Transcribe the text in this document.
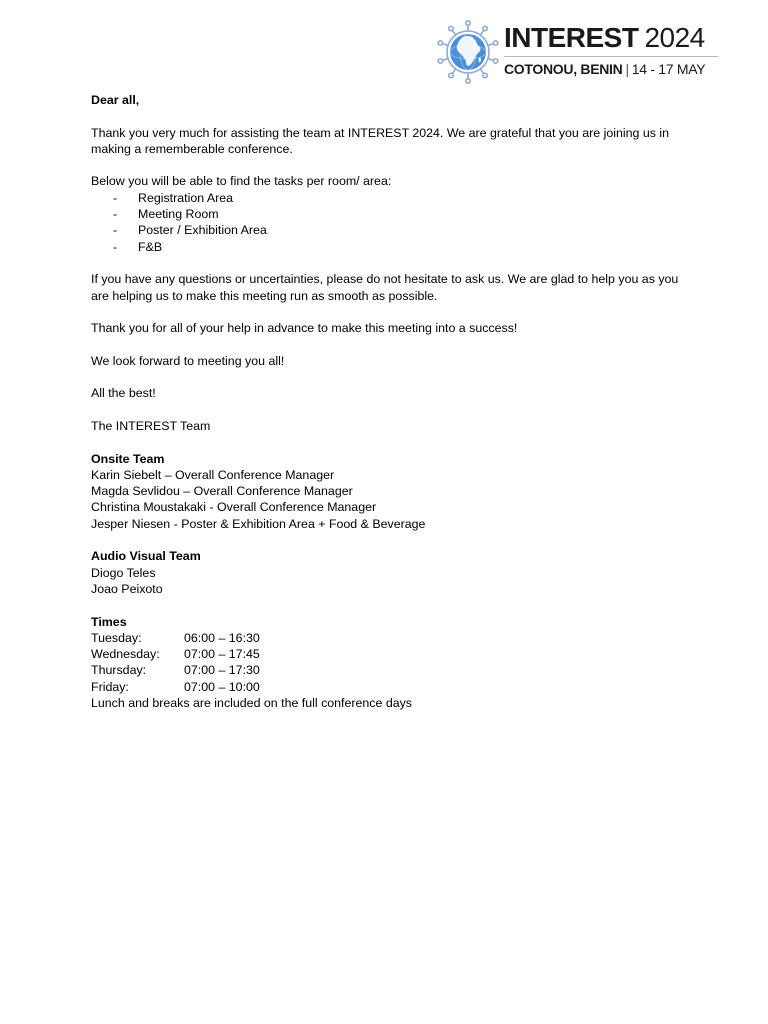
INTEREST 2024
COTONOU, BENIN | 14 - 17 MAY

Dear all,

Thank you very much for assisting the team at INTEREST 2024. We are grateful that you are joining us in making a rememberable conference.

Below you will be able to find the tasks per room/ area:
- Registration Area
- Meeting Room
- Poster / Exhibition Area
- F&B

If you have any questions or uncertainties, please do not hesitate to ask us. We are glad to help you as you are helping us to make this meeting run as smooth as possible.

Thank you for all of your help in advance to make this meeting into a success!

We look forward to meeting you all!

All the best!

The INTEREST Team

Onsite Team
Karin Siebelt – Overall Conference Manager
Magda Sevlidou – Overall Conference Manager
Christina Moustakaki - Overall Conference Manager
Jesper Niesen - Poster & Exhibition Area + Food & Beverage
Audio Visual Team
Diogo Teles
Joao Peixoto
Times
Tuesday:	06:00 – 16:30
Wednesday:	07:00 – 17:45
Thursday:	07:00 – 17:30
Friday:	07:00 – 10:00
Lunch and breaks are included on the full conference days
